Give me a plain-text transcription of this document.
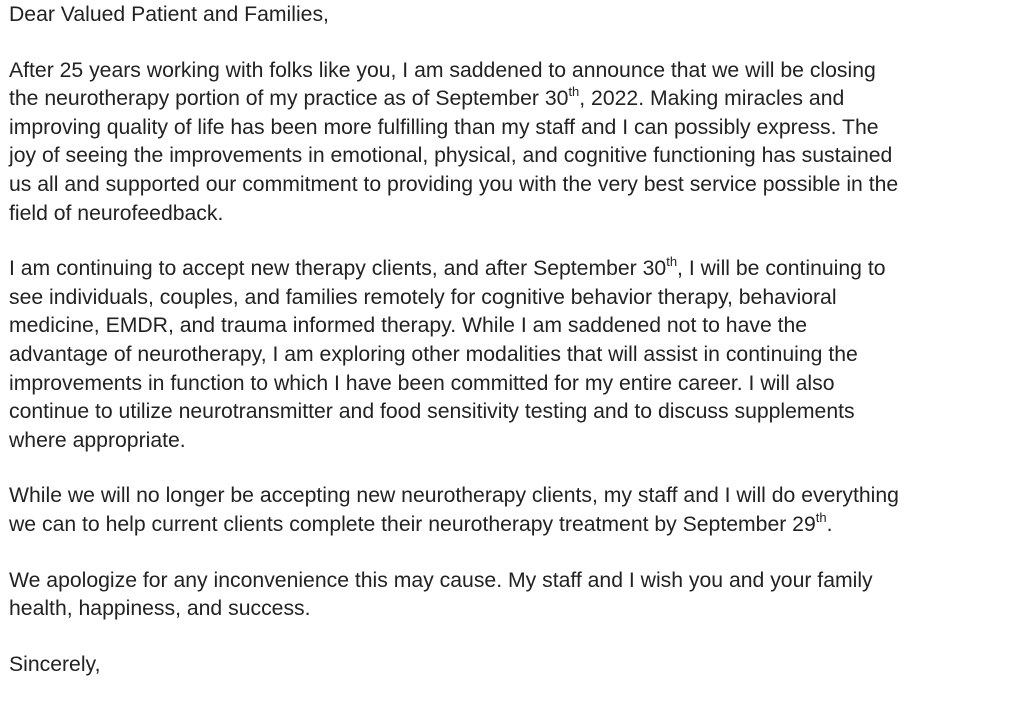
Dear Valued Patient and Families,

After 25 years working with folks like you, I am saddened to announce that we will be closing
the neurotherapy portion of my practice as of September 30th, 2022. Making miracles and
improving quality of life has been more fulfilling than my staff and I can possibly express. The
joy of seeing the improvements in emotional, physical, and cognitive functioning has sustained
us all and supported our commitment to providing you with the very best service possible in the
field of neurofeedback.

I am continuing to accept new therapy clients, and after September 30th, I will be continuing to
see individuals, couples, and families remotely for cognitive behavior therapy, behavioral
medicine, EMDR, and trauma informed therapy. While I am saddened not to have the
advantage of neurotherapy, I am exploring other modalities that will assist in continuing the
improvements in function to which I have been committed for my entire career. I will also
continue to utilize neurotransmitter and food sensitivity testing and to discuss supplements
where appropriate.

While we will no longer be accepting new neurotherapy clients, my staff and I will do everything
we can to help current clients complete their neurotherapy treatment by September 29th.

We apologize for any inconvenience this may cause. My staff and I wish you and your family
health, happiness, and success.

Sincerely,
